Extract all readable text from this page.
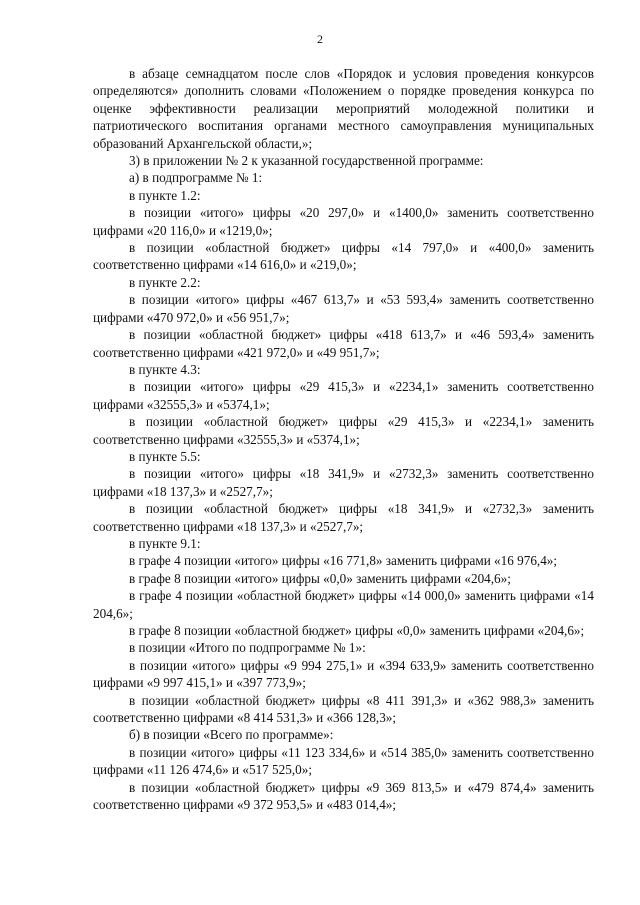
2

в абзаце семнадцатом после слов «Порядок и условия проведения конкурсов определяются» дополнить словами «Положением о порядке проведения конкурса по оценке эффективности реализации мероприятий молодежной политики и патриотического воспитания органами местного самоуправления муниципальных образований Архангельской области,»;

3) в приложении № 2 к указанной государственной программе:

а) в подпрограмме № 1:

в пункте 1.2:

в позиции «итого» цифры «20 297,0» и «1400,0» заменить соответственно цифрами «20 116,0» и «1219,0»;

в позиции «областной бюджет» цифры «14 797,0» и «400,0» заменить соответственно цифрами «14 616,0» и «219,0»;

в пункте 2.2:

в позиции «итого» цифры «467 613,7» и «53 593,4» заменить соответственно цифрами «470 972,0» и «56 951,7»;

в позиции «областной бюджет» цифры «418 613,7» и «46 593,4» заменить соответственно цифрами «421 972,0» и «49 951,7»;

в пункте 4.3:

в позиции «итого» цифры «29 415,3» и «2234,1» заменить соответственно цифрами «32555,3» и «5374,1»;

в позиции «областной бюджет» цифры «29 415,3» и «2234,1» заменить соответственно цифрами «32555,3» и «5374,1»;

в пункте 5.5:

в позиции «итого» цифры «18 341,9» и «2732,3» заменить соответственно цифрами «18 137,3» и «2527,7»;

в позиции «областной бюджет» цифры «18 341,9» и «2732,3» заменить соответственно цифрами «18 137,3» и «2527,7»;

в пункте 9.1:

в графе 4 позиции «итого» цифры «16 771,8» заменить цифрами «16 976,4»;

в графе 8 позиции «итого» цифры «0,0» заменить цифрами «204,6»;

в графе 4 позиции «областной бюджет» цифры «14 000,0» заменить цифрами «14 204,6»;

в графе 8 позиции «областной бюджет» цифры «0,0» заменить цифрами «204,6»;

в позиции «Итого по подпрограмме № 1»:

в позиции «итого» цифры «9 994 275,1» и «394 633,9» заменить соответственно цифрами «9 997 415,1» и «397 773,9»;

в позиции «областной бюджет» цифры «8 411 391,3» и «362 988,3» заменить соответственно цифрами «8 414 531,3» и «366 128,3»;

б) в позиции «Всего по программе»:

в позиции «итого» цифры «11 123 334,6» и «514 385,0» заменить соответственно цифрами «11 126 474,6» и «517 525,0»;

в позиции «областной бюджет» цифры «9 369 813,5» и «479 874,4» заменить соответственно цифрами «9 372 953,5» и «483 014,4»;
